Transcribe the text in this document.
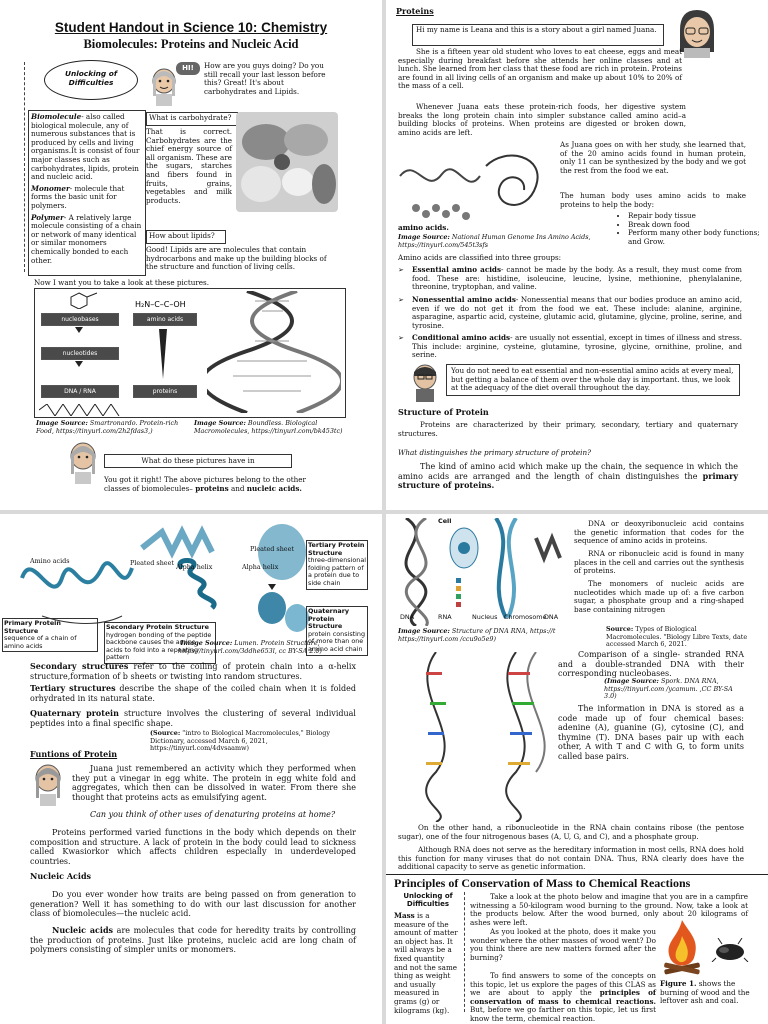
Student Handout in Science 10: Chemistry
Biomolecules: Proteins and Nucleic Acid
Unlocking of Difficulties
HI!	How are you guys doing? Do you still recall your last lesson before this? Great! It's about carbohydrates and Lipids.
Biomolecule- also called biological molecule, any of numerous substances that is produced by cells and living organisms.It is consist of four major classes such as carbohydrates, lipids, protein and nucleic acid.
Monomer- molecule that forms the basic unit for polymers.
Polymer- A relatively large molecule consisting of a chain or network of many identical or similar monomers chemically bonded to each other.
What is carbohydrate?
That is correct. Carbohydrates are the chief energy source of all organism. These are the sugars, starches and fibers found in fruits, grains, vegetables and milk products.
How about lipids?
Good! Lipids are are molecules that contain hydrocarbons and make up the building blocks of the structure and function of living cells.
Now I want you to take a look at these pictures.
nucleobases
nucleotides
DNA / RNA
H₂N–C–C–OH
amino acids
proteins
Image Source: Smartronardo. Protein-rich Food, https://tinyurl.com/2h2fdas3,)
Image Source: Boundless. Biological Macromolecules, https://tinyurl.com/bk453tc)
What do these pictures have in
You got it right! The above pictures belong to the other classes of biomolecules– proteins and nucleic acids.
Proteins
Hi my name is Leana and this is a story about a girl named Juana.
She is a fifteen year old student who loves to eat cheese, eggs and meat especially during breakfast before she attends her online classes and at lunch. She learned from her class that these food are rich in protein. Proteins are found in all living cells of an organism and make up about 10% to 20% of the mass of a cell.
Whenever Juana eats these protein-rich foods, her digestive system breaks the long protein chain into simpler substance called amino acid–a building blocks of proteins. When proteins are digested or broken down, amino acids are left.
amino acids.
Image Source: National Human Genome Ins Amino Acids, https://tinyurl.com/545t3sfs
As Juana goes on with her study, she learned that, of the 20 amino acids found in human protein, only 11 can be synthesized by the body and we got the rest from the food we eat.
The human body uses amino acids to make proteins to help the body:
• Repair body tissue
• Break down food
• Perform many other body functions; and Grow.
Amino acids are classified into three groups:
➢ Essential amino acids- cannot be made by the body. As a result, they must come from food. These are: histidine, isoleucine, leucine, lysine, methionine, phenylalanine, threonine, tryptophan, and valine.
➢ Nonessential amino acids- Nonessential means that our bodies produce an amino acid, even if we do not get it from the food we eat. These include: alanine, arginine, asparagine, aspartic acid, cysteine, glutamic acid, glutamine, glycine, proline, serine, and tyrosine.
➢ Conditional amino acids- are usually not essential, except in times of illness and stress. This include: arginine, cysteine, glutamine, tyrosine, glycine, ornithine, proline, and serine.
You do not need to eat essential and non-essential amino acids at every meal, but getting a balance of them over the whole day is important. thus, we look at the adequacy of the diet overall throughout the day.
Structure of Protein
Proteins are characterized by their primary, secondary, tertiary and quaternary structures.
What distinguishes the primary structure of protein?
The kind of amino acid which make up the chain, the sequence in which the amino acids are arranged and the length of chain distinguishes the primary structure of proteins.
Amino acids	Pleated sheet Alpha helix	Alpha helix
Pleated sheet
Primary Protein Structure
sequence of a chain of amino acids
Secondary Protein Structure
hydrogen bonding of the peptide backbone causes the amino acids to fold into a repeating pattern
Tertiary Protein Structure
three-dimensional folding pattern of a protein due to side chain
Quaternary Protein Structure
protein consisting of more than one amino acid chain
Image Source: Lumen. Protein Structure, https://tinyurl.com/3ddhe653l, cc BY-SA 2.0)
Secondary structures refer to the coiling of protein chain into a α-helix structure,formation of b sheets or twisting into random structures.
Tertiary structures describe the shape of the coiled chain when it is folded orhydrated in its natural state.
Quaternary protein structure involves the clustering of several individual peptides into a final specific shape.
(Source: "intro to Biological Macromolecules," Biology Dictionary, accessed March 6, 2021, https://tinyurl.com/4dvsaamw)
Funtions of Protein
Juana just remembered an activity which they performed when they put a vinegar in egg white. The protein in egg white fold and aggregates, which then can be dissolved in water. From there she thought that proteins acts as emulsifying agent.
Can you think of other uses of denaturing proteins at home?
Proteins performed varied functions in the body which depends on their composition and structure. A lack of protein in the body could lead to sickness called Kwasiorkor which affects children especially in underdeveloped countries.
Nucleic Acids
Do you ever wonder how traits are being passed on from generation to generation? Well it has something to do with our last discussion for another class of biomolecules—the nucleic acid.
Nucleic acids are molecules that code for heredity traits by controlling the production of proteins. Just like proteins, nucleic acid are long chain of polymers consisting of simpler units or monomers.
Cell
DNA	RNA	Nucleus Chromosome
DNA
DNA or deoxyribonucleic acid contains the genetic information that codes for the sequence of amino acids in proteins.
RNA or ribonucleic acid is found in many places in the cell and carries out the synthesis of proteins.
The monomers of nucleic acids are nucleotides which made up of: a five carbon sugar, a phosphate group and a ring-shaped base containing nitrogen
Source: Types of Biological Macromolecules. "Biology Libre Texts, date accessed March 6, 2021.
Image Source: Structure of DNA RNA, https://t https://tinyurl.com /ccu9o5e9)
Comparison of a single- stranded RNA and a double-stranded DNA with their corresponding nucleobases.
(Image Source: Spork. DNA RNA, https://tinyurl.com /ycamum. ,CC BY-SA 3.0)
The information in DNA is stored as a code made up of four chemical bases: adenine (A), guanine (G), cytosine (C), and thymine (T). DNA bases pair up with each other, A with T and C with G, to form units called base pairs.
On the other hand, a ribonucleotide in the RNA chain contains ribose (the pentose sugar), one of the four nitrogenous bases (A, U, G, and C), and a phosphate group.
Although RNA does not serve as the hereditary information in most cells, RNA does hold this function for many viruses that do not contain DNA. Thus, RNA clearly does have the additional capacity to serve as genetic information.
Principles of Conservation of Mass to Chemical Reactions
Unlocking of Difficulties
Mass is a measure of the amount of matter an object has. It will always be a fixed quantity and not the same thing as weight and usually measured in grams (g) or kilograms (kg).
Take a look at the photo below and imagine that you are in a campfire witnessing a 50-kilogram wood burning to the ground. Now, take a look at the products below. After the wood burned, only about 20 kilograms of ashes were left.
As you looked at the photo, does it make you wonder where the other masses of wood went? Do you think there are new matters formed after the burning?
To find answers to some of the concepts on this topic, let us explore the pages of this CLAS as we are about to apply the principles of conservation of mass to chemical reactions. But, before we go farther on this topic, let us first know the term, chemical reaction.
Figure 1. shows the burning of wood and the leftover ash and coal.
